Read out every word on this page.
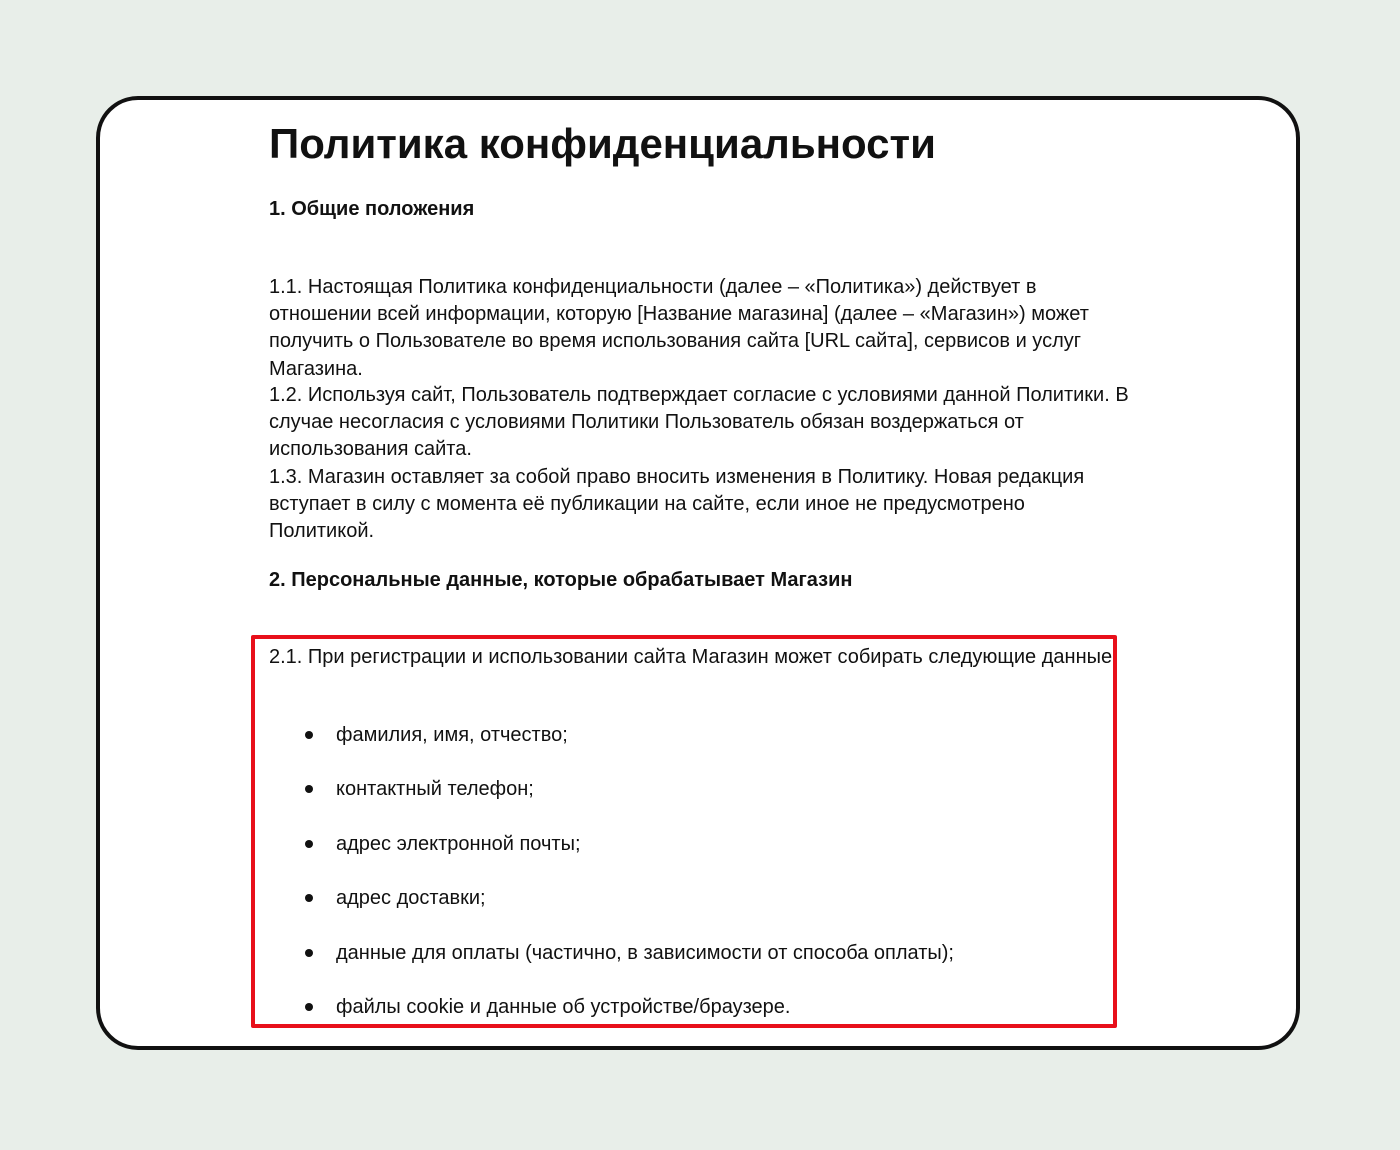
Политика конфиденциальности
1. Общие положения

1.1. Настоящая Политика конфиденциальности (далее – «Политика») действует в отношении всей информации, которую [Название магазина] (далее – «Магазин») может получить о Пользователе во время использования сайта [URL сайта], сервисов и услуг Магазина.

1.2. Используя сайт, Пользователь подтверждает согласие с условиями данной Политики. В случае несогласия с условиями Политики Пользователь обязан воздержаться от использования сайта.

1.3. Магазин оставляет за собой право вносить изменения в Политику. Новая редакция вступает в силу с момента её публикации на сайте, если иное не предусмотрено Политикой.

2. Персональные данные, которые обрабатывает Магазин

2.1. При регистрации и использовании сайта Магазин может собирать следующие данные:

фамилия, имя, отчество;
контактный телефон;
адрес электронной почты;
адрес доставки;
данные для оплаты (частично, в зависимости от способа оплаты);
файлы cookie и данные об устройстве/браузере.
